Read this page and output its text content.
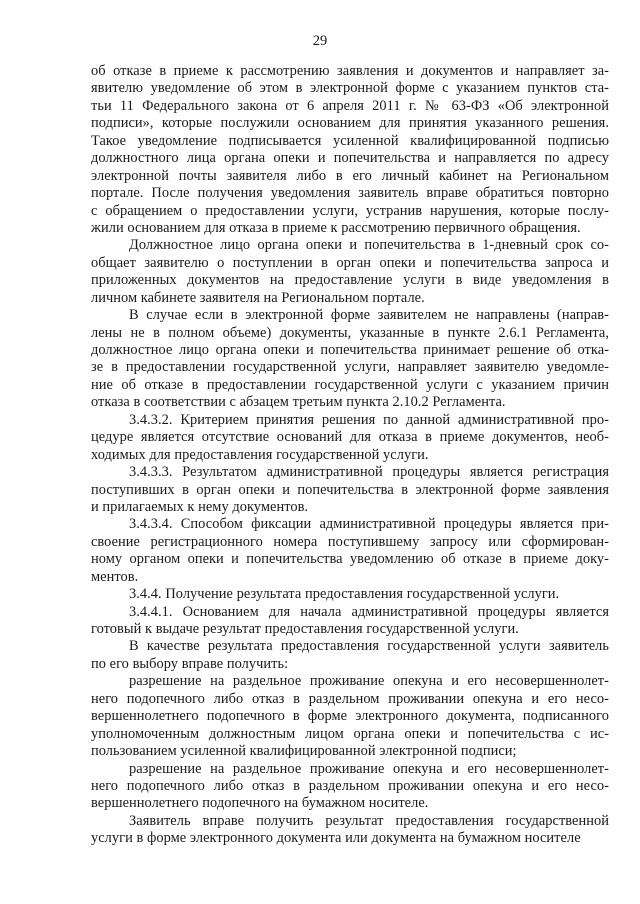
29
об отказе в приеме к рассмотрению заявления и документов и направляет за-
явителю уведомление об этом в электронной форме с указанием пунктов ста-
тьи 11 Федерального закона от 6 апреля 2011 г. № 63-ФЗ «Об электронной
подписи», которые послужили основанием для принятия указанного решения.
Такое уведомление подписывается усиленной квалифицированной подписью
должностного лица органа опеки и попечительства и направляется по адресу
электронной почты заявителя либо в его личный кабинет на Региональном
портале. После получения уведомления заявитель вправе обратиться повторно
с обращением о предоставлении услуги, устранив нарушения, которые послу-
жили основанием для отказа в приеме к рассмотрению первичного обращения.
Должностное лицо органа опеки и попечительства в 1-дневный срок со-
общает заявителю о поступлении в орган опеки и попечительства запроса и
приложенных документов на предоставление услуги в виде уведомления в
личном кабинете заявителя на Региональном портале.
В случае если в электронной форме заявителем не направлены (направ-
лены не в полном объеме) документы, указанные в пункте 2.6.1 Регламента,
должностное лицо органа опеки и попечительства принимает решение об отка-
зе в предоставлении государственной услуги, направляет заявителю уведомле-
ние об отказе в предоставлении государственной услуги с указанием причин
отказа в соответствии с абзацем третьим пункта 2.10.2 Регламента.
3.4.3.2. Критерием принятия решения по данной административной про-
цедуре является отсутствие оснований для отказа в приеме документов, необ-
ходимых для предоставления государственной услуги.
3.4.3.3. Результатом административной процедуры является регистрация
поступивших в орган опеки и попечительства в электронной форме заявления
и прилагаемых к нему документов.
3.4.3.4. Способом фиксации административной процедуры является при-
своение регистрационного номера поступившему запросу или сформирован-
ному органом опеки и попечительства уведомлению об отказе в приеме доку-
ментов.
3.4.4. Получение результата предоставления государственной услуги.
3.4.4.1. Основанием для начала административной процедуры является
готовый к выдаче результат предоставления государственной услуги.
В качестве результата предоставления государственной услуги заявитель
по его выбору вправе получить:
разрешение на раздельное проживание опекуна и его несовершеннолет-
него подопечного либо отказ в раздельном проживании опекуна и его несо-
вершеннолетнего подопечного в форме электронного документа, подписанного
уполномоченным должностным лицом органа опеки и попечительства с ис-
пользованием усиленной квалифицированной электронной подписи;
разрешение на раздельное проживание опекуна и его несовершеннолет-
него подопечного либо отказ в раздельном проживании опекуна и его несо-
вершеннолетнего подопечного на бумажном носителе.
Заявитель вправе получить результат предоставления государственной
услуги в форме электронного документа или документа на бумажном носителе
